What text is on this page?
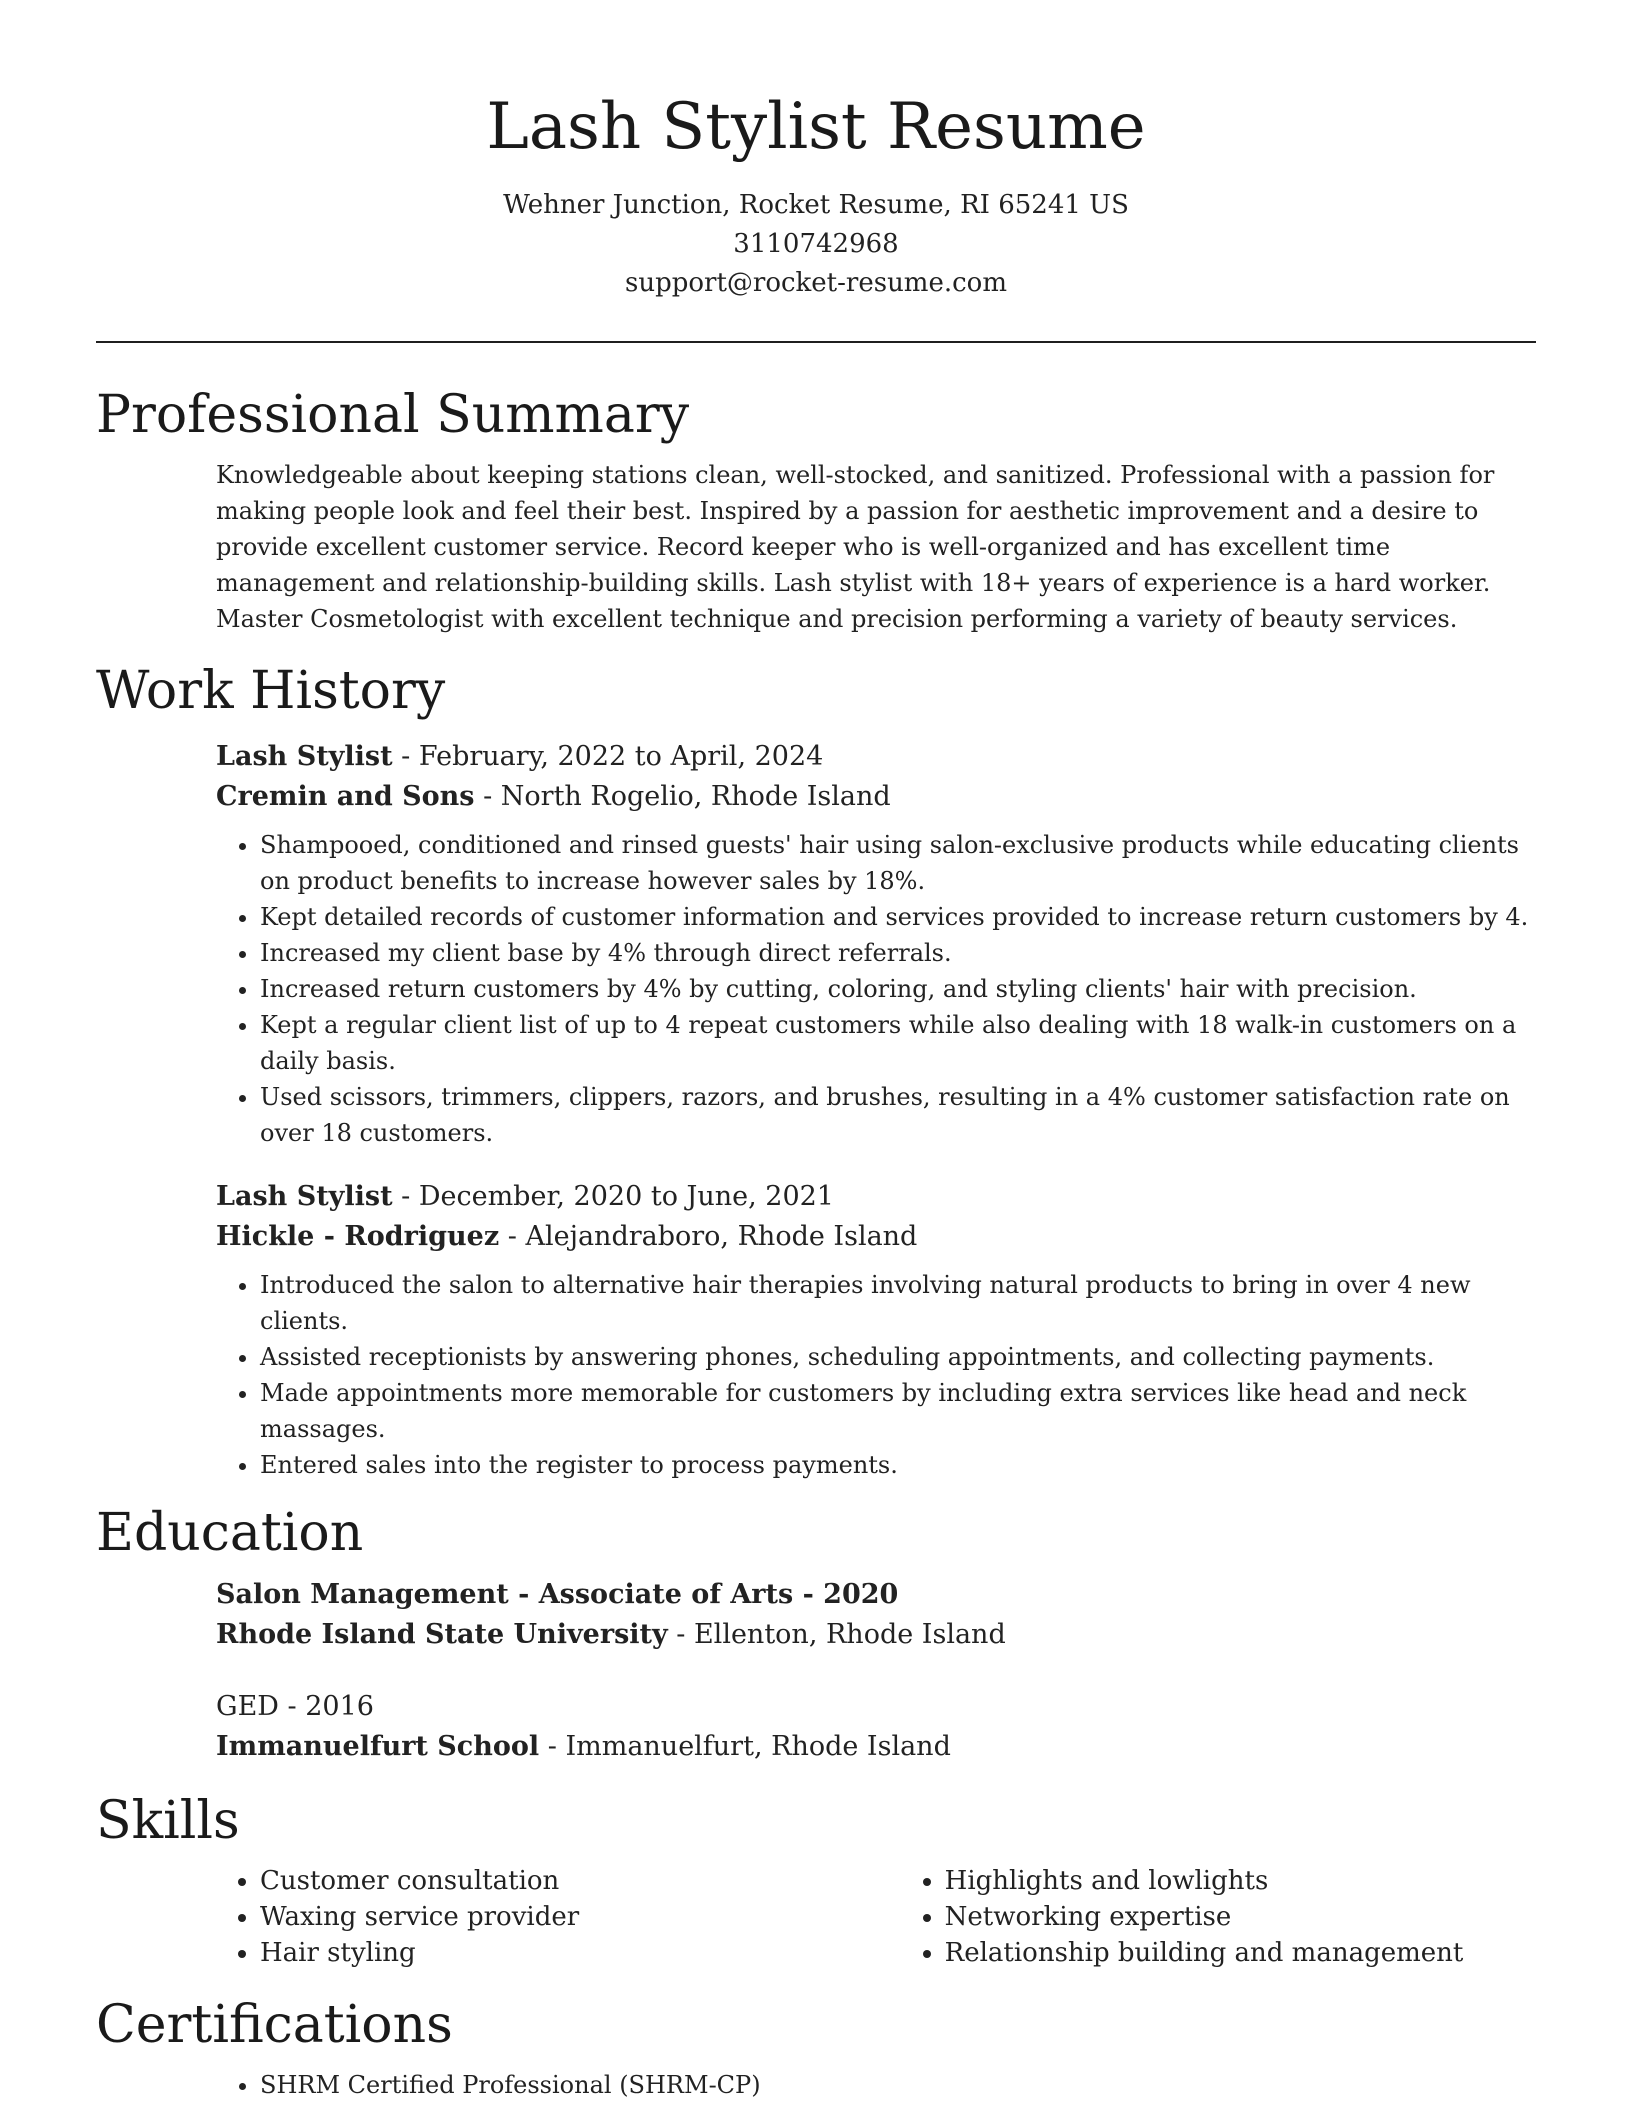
Lash Stylist Resume
Wehner Junction, Rocket Resume, RI 65241 US
3110742968
support@rocket-resume.com
Professional Summary
Knowledgeable about keeping stations clean, well-stocked, and sanitized. Professional with a passion for making people look and feel their best. Inspired by a passion for aesthetic improvement and a desire to provide excellent customer service. Record keeper who is well-organized and has excellent time management and relationship-building skills. Lash stylist with 18+ years of experience is a hard worker. Master Cosmetologist with excellent technique and precision performing a variety of beauty services.
Work History
Lash Stylist - February, 2022 to April, 2024
Cremin and Sons - North Rogelio, Rhode Island
• Shampooed, conditioned and rinsed guests' hair using salon-exclusive products while educating clients on product benefits to increase however sales by 18%.
• Kept detailed records of customer information and services provided to increase return customers by 4.
• Increased my client base by 4% through direct referrals.
• Increased return customers by 4% by cutting, coloring, and styling clients' hair with precision.
• Kept a regular client list of up to 4 repeat customers while also dealing with 18 walk-in customers on a daily basis.
• Used scissors, trimmers, clippers, razors, and brushes, resulting in a 4% customer satisfaction rate on over 18 customers.
Lash Stylist - December, 2020 to June, 2021
Hickle - Rodriguez - Alejandraboro, Rhode Island
• Introduced the salon to alternative hair therapies involving natural products to bring in over 4 new clients.
• Assisted receptionists by answering phones, scheduling appointments, and collecting payments.
• Made appointments more memorable for customers by including extra services like head and neck massages.
• Entered sales into the register to process payments.
Education
Salon Management - Associate of Arts - 2020
Rhode Island State University - Ellenton, Rhode Island
GED - 2016
Immanuelfurt School - Immanuelfurt, Rhode Island
Skills
• Customer consultation
• Waxing service provider
• Hair styling
• Highlights and lowlights
• Networking expertise
• Relationship building and management
Certifications
• SHRM Certified Professional (SHRM-CP)
